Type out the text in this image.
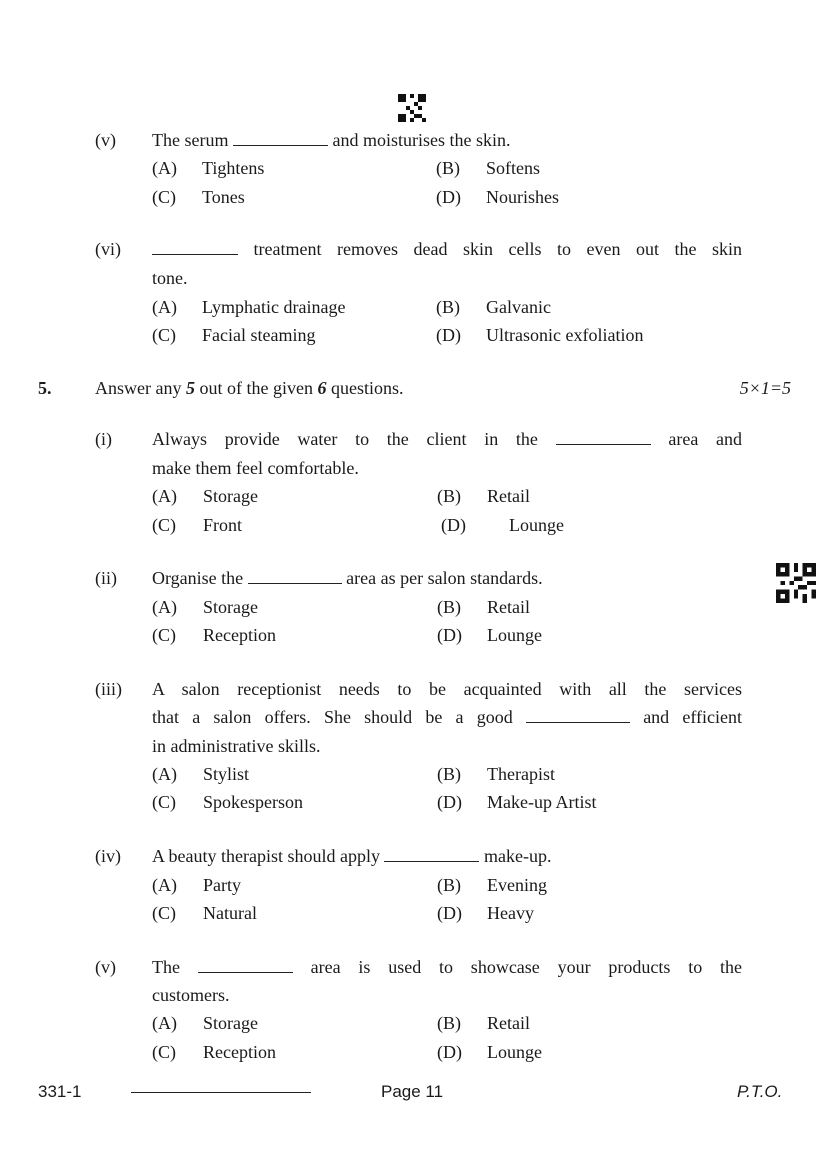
(v)	The serum	and moisturises the skin.
(A) Tightens	(B) Softens
(C) Tones	(D) Nourishes
(vi)	treatment removes dead skin cells to even out the skin
tone.
(A) Lymphatic drainage	(B) Galvanic
(C) Facial steaming	(D) Ultrasonic exfoliation
5. Answer any 5 out of the given 6 questions.	5×1=5
(i)	Always provide water to the client in the	area and
make them feel comfortable.
(A) Storage	(B) Retail
(C) Front	(D) Lounge
(ii)	Organise the	area as per salon standards.
(A) Storage	(B) Retail
(C) Reception	(D) Lounge
(iii)	A salon receptionist needs to be acquainted with all the services
that a salon offers. She should be a good	and efficient
in administrative skills.
(A) Stylist	(B) Therapist
(C) Spokesperson	(D) Make-up Artist
(iv)	A beauty therapist should apply	make-up.
(A) Party	(B) Evening
(C) Natural	(D) Heavy
(v)	The	area is used to showcase your products to the
customers.
(A) Storage	(B) Retail
(C) Reception	(D) Lounge
331-1	Page 11	P.T.O.
